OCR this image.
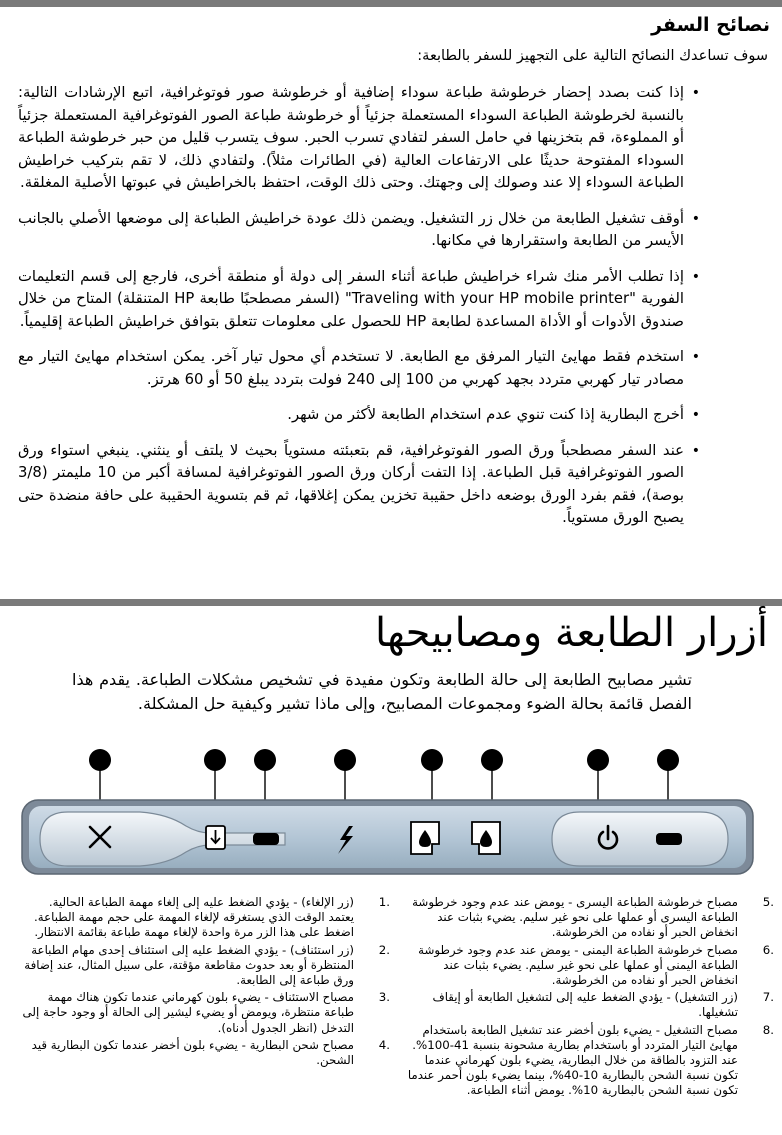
نصائح السفر

سوف تساعدك النصائح التالية على التجهيز للسفر بالطابعة:

•
إذا كنت بصدد إحضار خرطوشة طباعة سوداء إضافية أو خرطوشة صور فوتوغرافية، اتبع الإرشادات التالية: بالنسبة لخرطوشة الطباعة السوداء المستعملة جزئياً أو خرطوشة طباعة الصور الفوتوغرافية المستعملة جزئياً أو المملوءة، قم بتخزينها في حامل السفر لتفادي تسرب الحبر. سوف يتسرب قليل من حبر خرطوشة الطباعة السوداء المفتوحة حديثًا على الارتفاعات العالية (في الطائرات مثلاً). ولتفادي ذلك، لا تقم بتركيب خراطيش الطباعة السوداء إلا عند وصولك إلى وجهتك. وحتى ذلك الوقت، احتفظ بالخراطيش في عبوتها الأصلية المغلقة.
•
أوقف تشغيل الطابعة من خلال زر التشغيل. ويضمن ذلك عودة خراطيش الطباعة إلى موضعها الأصلي بالجانب الأيسر من الطابعة واستقرارها في مكانها.
•
إذا تطلب الأمر منك شراء خراطيش طباعة أثناء السفر إلى دولة أو منطقة أخرى، فارجع إلى قسم التعليمات الفورية "Traveling with your HP mobile printer" (السفر مصطحبًا طابعة HP المتنقلة) المتاح من خلال صندوق الأدوات أو الأداة المساعدة لطابعة HP للحصول على معلومات تتعلق بتوافق خراطيش الطباعة إقليمياً.
•
استخدم فقط مهايئ التيار المرفق مع الطابعة. لا تستخدم أي محول تيار آخر. يمكن استخدام مهايئ التيار مع مصادر تيار كهربي متردد بجهد كهربي من 100 إلى 240 فولت بتردد يبلغ 50 أو 60 هرتز.
•
أخرج البطارية إذا كنت تنوي عدم استخدام الطابعة لأكثر من شهر.
•
عند السفر مصطحباً ورق الصور الفوتوغرافية، قم بتعبئته مستوياً بحيث لا يلتف أو ينثني. ينبغي استواء ورق الصور الفوتوغرافية قبل الطباعة. إذا التفت أركان ورق الصور الفوتوغرافية لمسافة أكبر من 10 مليمتر (3/8 بوصة)، فقم بفرد الورق بوضعه داخل حقيبة تخزين يمكن إغلاقها، ثم قم بتسوية الحقيبة على حافة منضدة حتى يصبح الورق مستوياً.
أزرار الطابعة ومصابيحها

تشير مصابيح الطابعة إلى حالة الطابعة وتكون مفيدة في تشخيص مشكلات الطباعة. يقدم هذا الفصل قائمة بحالة الضوء ومجموعات المصابيح، وإلى ماذا تشير وكيفية حل المشكلة.

5.
مصباح خرطوشة الطباعة اليسرى - يومض عند عدم وجود خرطوشة الطباعة اليسرى أو عملها على نحو غير سليم. يضيء بثبات عند انخفاض الحبر أو نفاده من الخرطوشة.
6.
مصباح خرطوشة الطباعة اليمنى - يومض عند عدم وجود خرطوشة الطباعة اليمنى أو عملها على نحو غير سليم. يضيء بثبات عند انخفاض الحبر أو نفاده من الخرطوشة.
7.
(زر التشغيل) - يؤدي الضغط عليه إلى لتشغيل الطابعة أو إيقاف تشغيلها.
8.
مصباح التشغيل - يضيء بلون أخضر عند تشغيل الطابعة باستخدام مهايئ التيار المتردد أو باستخدام بطارية مشحونة بنسبة 41-100%. عند التزود بالطاقة من خلال البطارية، يضيء بلون كهرماني عندما تكون نسبة الشحن بالبطارية 10-40%، بينما يضيء بلون أحمر عندما تكون نسبة الشحن بالبطارية 10%. يومض أثناء الطباعة.
1.
(زر الإلغاء) - يؤدي الضغط عليه إلى إلغاء مهمة الطباعة الحالية. يعتمد الوقت الذي يستغرقه لإلغاء المهمة على حجم مهمة الطباعة. اضغط على هذا الزر مرة واحدة لإلغاء مهمة طباعة بقائمة الانتظار.
2.
(زر استئناف) - يؤدي الضغط عليه إلى استئناف إحدى مهام الطباعة المنتظرة أو بعد حدوث مقاطعة مؤقتة، على سبيل المثال، عند إضافة ورق طباعة إلى الطابعة.
3.
مصباح الاستئناف - يضيء بلون كهرماني عندما تكون هناك مهمة طباعة منتظرة، ويومض أو يضيء ليشير إلى الحالة أو وجود حاجة إلى التدخل (انظر الجدول أدناه).
4.
مصباح شحن البطارية - يضيء بلون أخضر عندما تكون البطارية قيد الشحن.
